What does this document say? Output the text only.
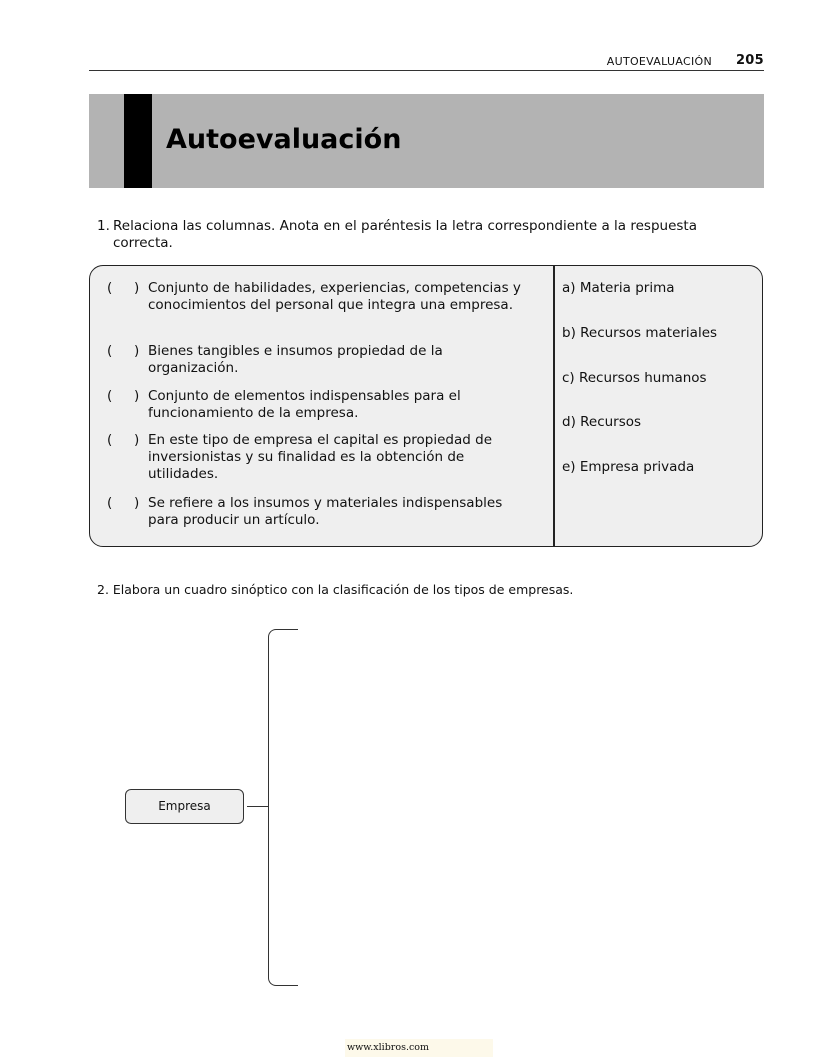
AUTOEVALUACIÓN 205
Autoevaluación
1. Relaciona las columnas. Anota en el paréntesis la letra correspondiente a la respuesta correcta.
( ) Conjunto de habilidades, experiencias, competencias y conocimientos del personal que integra una empresa.
( ) Bienes tangibles e insumos propiedad de la organización.
( ) Conjunto de elementos indispensables para el funcionamiento de la empresa.
( ) En este tipo de empresa el capital es propiedad de inversionistas y su finalidad es la obtención de utilidades.
( ) Se refiere a los insumos y materiales indispensables para producir un artículo.
a) Materia prima
b) Recursos materiales
c) Recursos humanos
d) Recursos
e) Empresa privada
2. Elabora un cuadro sinóptico con la clasificación de los tipos de empresas.
Empresa
www.xlibros.com
